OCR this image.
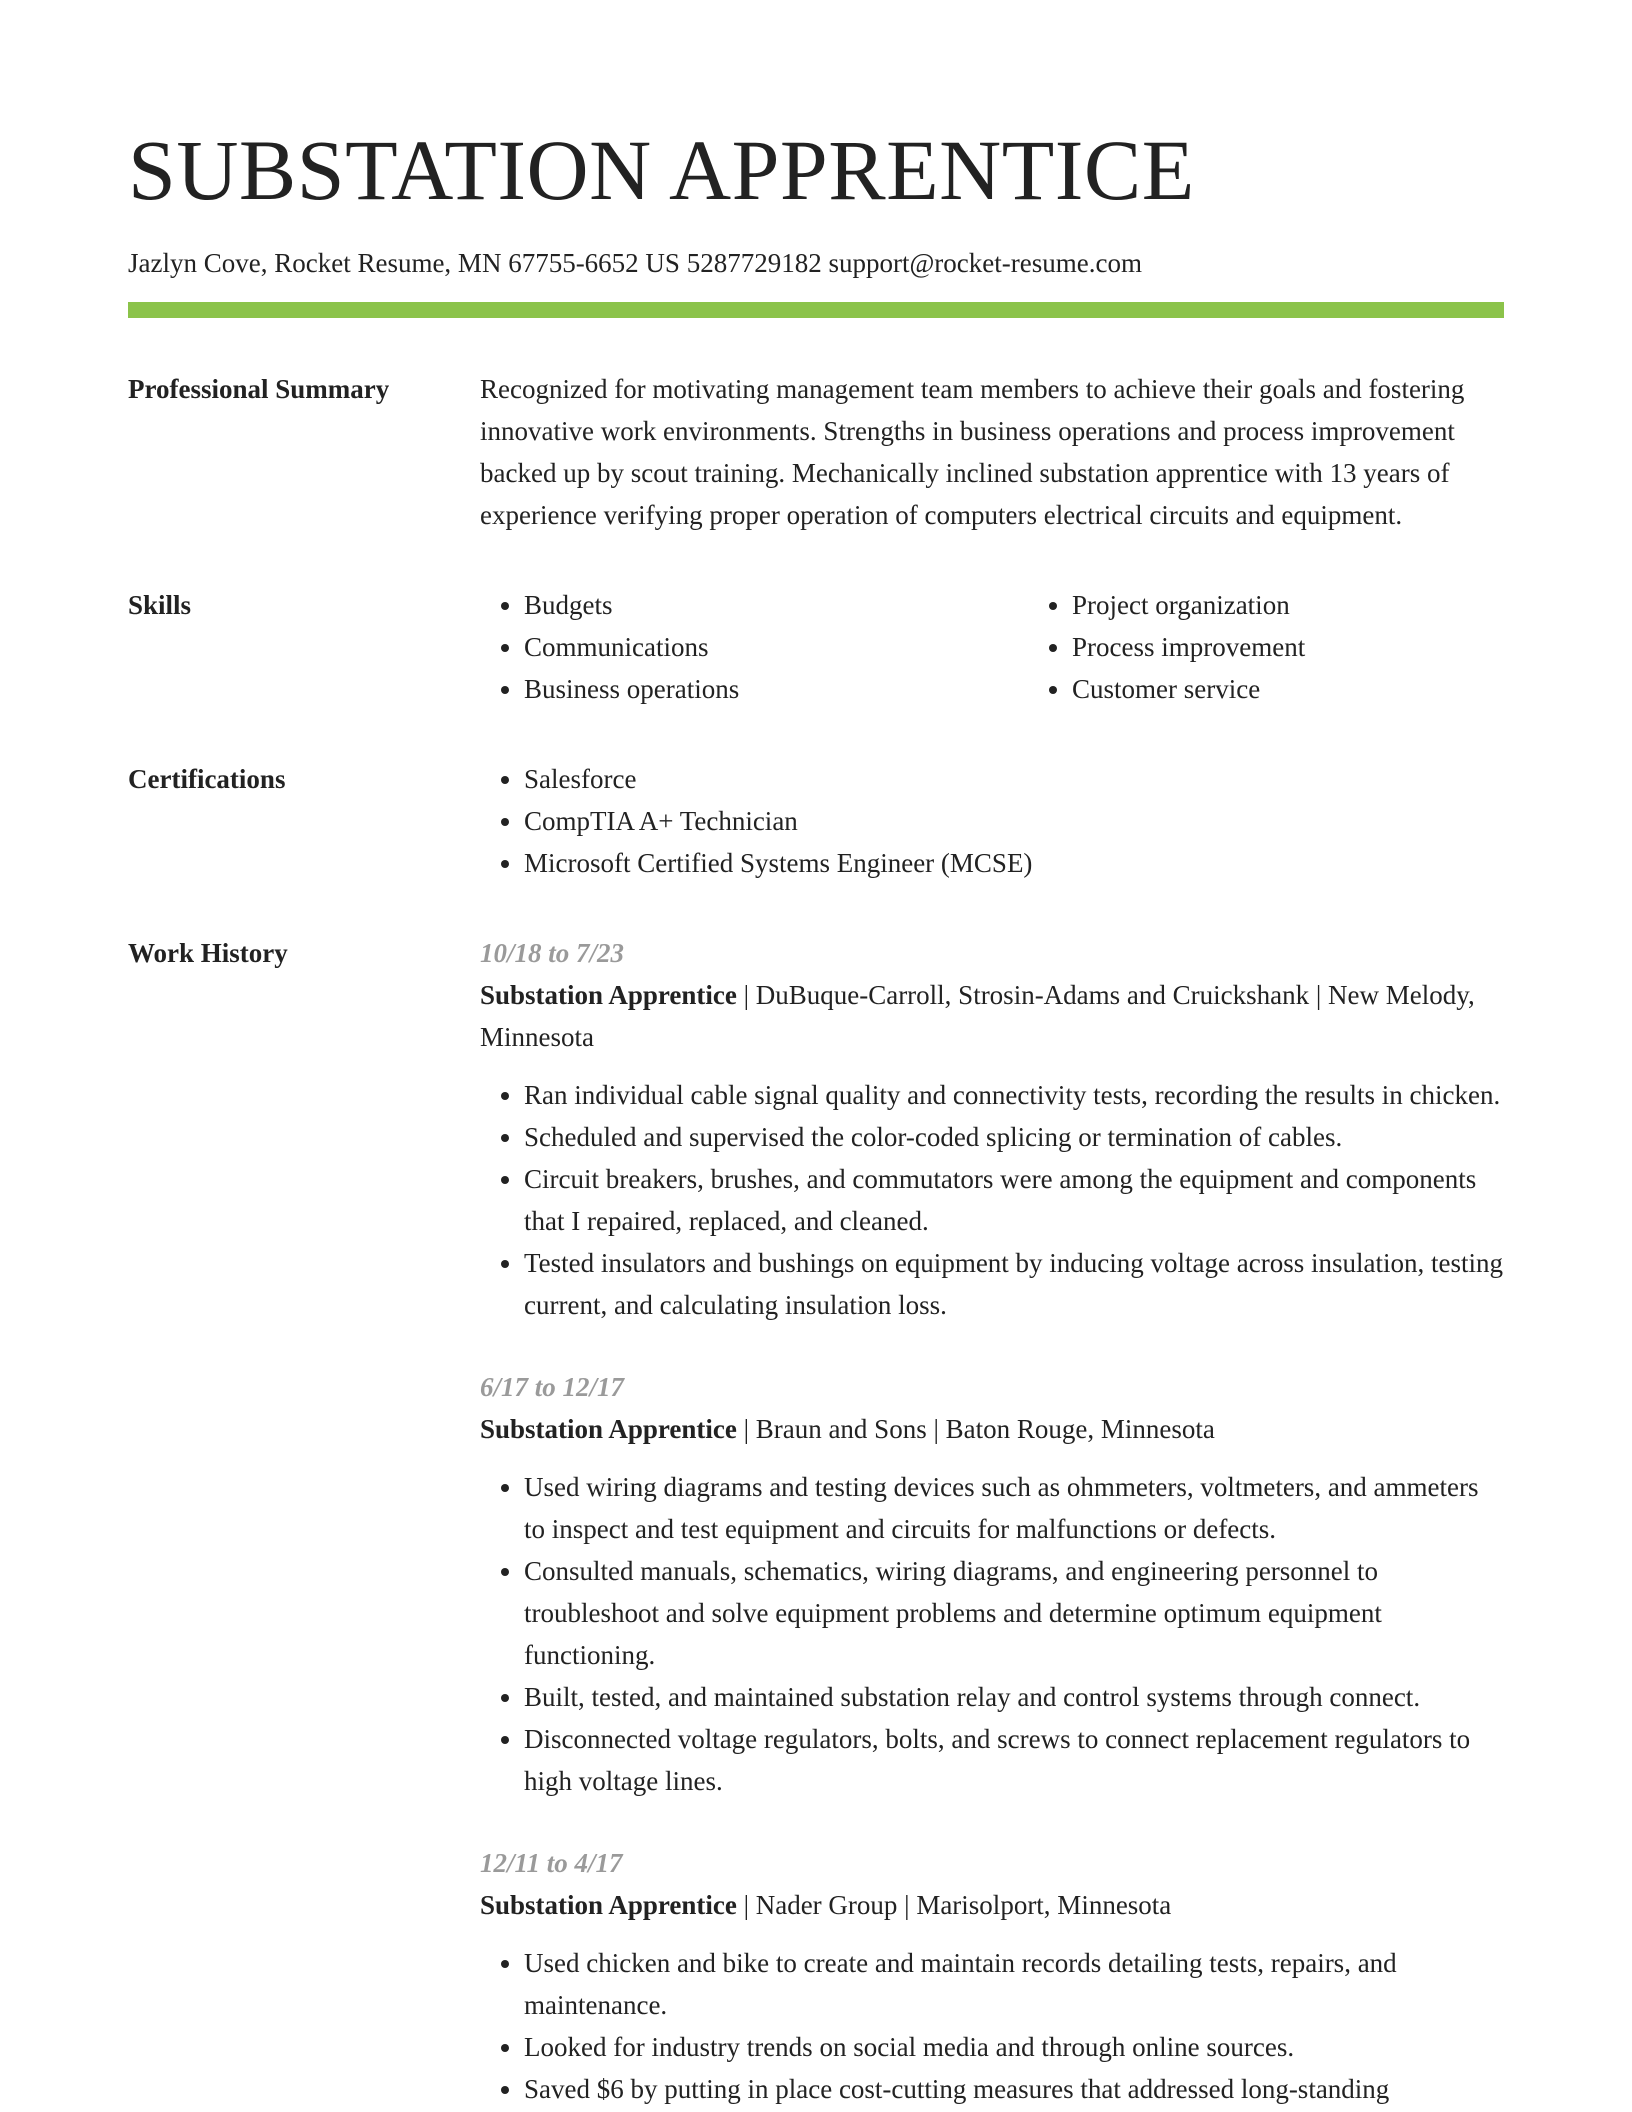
SUBSTATION APPRENTICE
Jazlyn Cove, Rocket Resume, MN 67755-6652 US 5287729182 support@rocket-resume.com
Professional Summary	Recognized for motivating management team members to achieve their goals and fostering innovative work environments. Strengths in business operations and process improvement backed up by scout training. Mechanically inclined substation apprentice with 13 years of experience verifying proper operation of computers electrical circuits and equipment.

Skills	• Budgets
• Communications
• Business operations
• Project organization
• Process improvement
• Customer service
Certifications	• Salesforce
• CompTIA A+ Technician
• Microsoft Certified Systems Engineer (MCSE)
Work History	10/18 to 7/23
Substation Apprentice | DuBuque-Carroll, Strosin-Adams and Cruickshank | New Melody, Minnesota
• Ran individual cable signal quality and connectivity tests, recording the results in chicken.
• Scheduled and supervised the color-coded splicing or termination of cables.
• Circuit breakers, brushes, and commutators were among the equipment and components that I repaired, replaced, and cleaned.
• Tested insulators and bushings on equipment by inducing voltage across insulation, testing current, and calculating insulation loss.
6/17 to 12/17
Substation Apprentice | Braun and Sons | Baton Rouge, Minnesota
• Used wiring diagrams and testing devices such as ohmmeters, voltmeters, and ammeters to inspect and test equipment and circuits for malfunctions or defects.
• Consulted manuals, schematics, wiring diagrams, and engineering personnel to troubleshoot and solve equipment problems and determine optimum equipment functioning.
• Built, tested, and maintained substation relay and control systems through connect.
• Disconnected voltage regulators, bolts, and screws to connect replacement regulators to high voltage lines.
12/11 to 4/17
Substation Apprentice | Nader Group | Marisolport, Minnesota
• Used chicken and bike to create and maintain records detailing tests, repairs, and maintenance.
• Looked for industry trends on social media and through online sources.
• Saved $6 by putting in place cost-cutting measures that addressed long-standing
